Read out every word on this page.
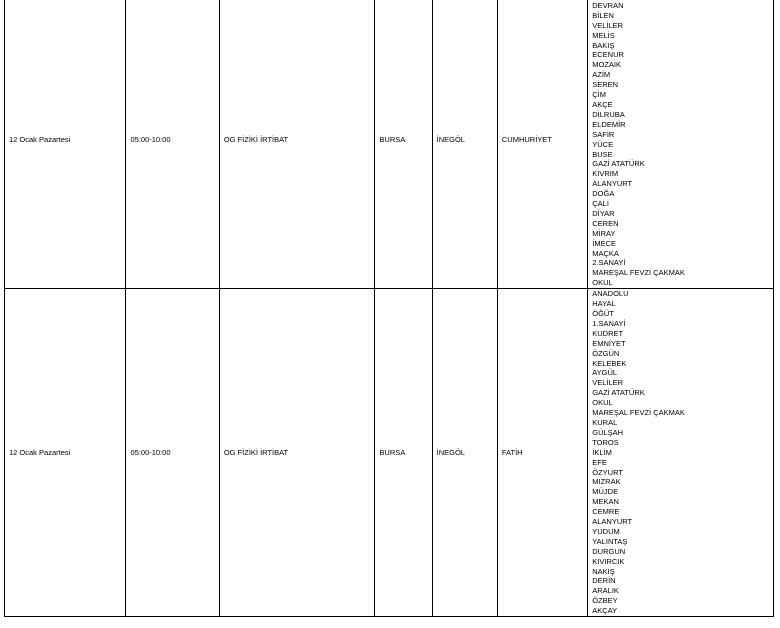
12 Ocak Pazartesi	05:00-10:00	OG FİZİKİ İRTİBAT	BURSA	İNEGÖL	CUMHURİYET	
DEVRAN
BİLEN
VELİLER
MELİS
BAKIŞ
ECENUR
MOZAİK
AZİM
SEREN
ÇİM
AKÇE
DİLRUBA
ELDEMİR
SAFİR
YÜCE
BUSE
GAZİ ATATÜRK
KIVRIM
ALANYURT
DOĞA
ÇALI
DİYAR
CEREN
MİRAY
İMECE
MAÇKA
2.SANAYİ
MAREŞAL FEVZİ ÇAKMAK
OKUL

12 Ocak Pazartesi	05:00-10:00	OG FİZİKİ İRTİBAT	BURSA	İNEGÖL	FATİH	
ANADOLU
HAYAL
ÖĞÜT
1.SANAYİ
KUDRET
EMNİYET
ÖZGÜN
KELEBEK
AYGÜL
VELİLER
GAZİ ATATÜRK
OKUL
MAREŞAL FEVZİ ÇAKMAK
KURAL
GÜLŞAH
TOROS
İKLİM
EFE
ÖZYURT
MIZRAK
MÜJDE
MEKAN
CEMRE
ALANYURT
YUDUM
YALINTAŞ
DURGUN
KIVIRCIK
NAKIŞ
DERİN
ARALIK
ÖZBEY
AKÇAY
